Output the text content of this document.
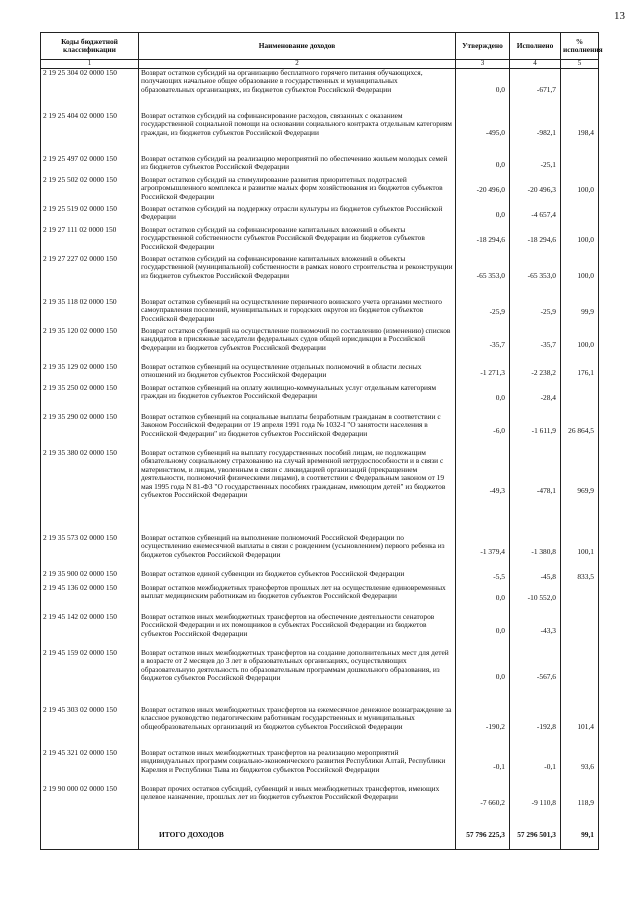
13
Коды бюджетной классификации	Наименование доходов	Утверждено	Исполнено	% исполнения
1	2	3	4	5
2 19 25 304 02 0000 150	Возврат остатков субсидий на организацию бесплатного горячего питания обучающихся, получающих начальное общее образование в государственных и муниципальных образовательных организациях, из бюджетов субъектов Российской Федерации	0,0	-671,7	
2 19 25 404 02 0000 150	Возврат остатков субсидий на софинансирование расходов, связанных с оказанием государственной социальной помощи на основании социального контракта отдельным категориям граждан, из бюджетов субъектов Российской Федерации	-495,0	-982,1	198,4
2 19 25 497 02 0000 150	Возврат остатков субсидий на реализацию мероприятий по обеспечению жильем молодых семей из бюджетов субъектов Российской Федерации	0,0	-25,1	
2 19 25 502 02 0000 150	Возврат остатков субсидий на стимулирование развития приоритетных подотраслей агропромышленного комплекса и развитие малых форм хозяйствования из бюджетов субъектов Российской Федерации	-20 496,0	-20 496,3	100,0
2 19 25 519 02 0000 150	Возврат остатков субсидий на поддержку отрасли культуры из бюджетов субъектов Российской Федерации	0,0	-4 657,4	
2 19 27 111 02 0000 150	Возврат остатков субсидий на софинансирование капитальных вложений в объекты государственной собственности субъектов Российской Федерации из бюджетов субъектов Российской Федерации	-18 294,6	-18 294,6	100,0
2 19 27 227 02 0000 150	Возврат остатков субсидий на софинансирование капитальных вложений в объекты государственной (муниципальной) собственности в рамках нового строительства и реконструкции из бюджетов субъектов Российской Федерации	-65 353,0	-65 353,0	100,0
2 19 35 118 02 0000 150	Возврат остатков субвенций на осуществление первичного воинского учета органами местного самоуправления поселений, муниципальных и городских округов из бюджетов субъектов Российской Федерации	-25,9	-25,9	99,9
2 19 35 120 02 0000 150	Возврат остатков субвенций на осуществление полномочий по составлению (изменению) списков кандидатов в присяжные заседатели федеральных судов общей юрисдикции в Российской Федерации из бюджетов субъектов Российской Федерации	-35,7	-35,7	100,0
2 19 35 129 02 0000 150	Возврат остатков субвенций на осуществление отдельных полномочий в области лесных отношений из бюджетов субъектов Российской Федерации	-1 271,3	-2 238,2	176,1
2 19 35 250 02 0000 150	Возврат остатков субвенций на оплату жилищно-коммунальных услуг отдельным категориям граждан из бюджетов субъектов Российской Федерации	0,0	-28,4	
2 19 35 290 02 0000 150	Возврат остатков субвенций на социальные выплаты безработным гражданам в соответствии с Законом Российской Федерации от 19 апреля 1991 года № 1032-I "О занятости населения в Российской Федерации" из бюджетов субъектов Российской Федерации	-6,0	-1 611,9	26 864,5
2 19 35 380 02 0000 150	Возврат остатков субвенций на выплату государственных пособий лицам, не подлежащим обязательному социальному страхованию на случай временной нетрудоспособности и в связи с материнством, и лицам, уволенным в связи с ликвидацией организаций (прекращением деятельности, полномочий физическими лицами), в соответствии с Федеральным законом от 19 мая 1995 года N 81-ФЗ "О государственных пособиях гражданам, имеющим детей" из бюджетов субъектов Российской Федерации	-49,3	-478,1	969,9
2 19 35 573 02 0000 150	Возврат остатков субвенций на выполнение полномочий Российской Федерации по осуществлению ежемесячной выплаты в связи с рождением (усыновлением) первого ребенка из бюджетов субъектов Российской Федерации	-1 379,4	-1 380,8	100,1
2 19 35 900 02 0000 150	Возврат остатков единой субвенции из бюджетов субъектов Российской Федерации	-5,5	-45,8	833,5
2 19 45 136 02 0000 150	Возврат остатков межбюджетных трансфертов прошлых лет на осуществление единовременных выплат медицинским работникам из бюджетов субъектов Российской Федерации	0,0	-10 552,0	
2 19 45 142 02 0000 150	Возврат остатков иных межбюджетных трансфертов на обеспечение деятельности сенаторов Российской Федерации и их помощников в субъектах Российской Федерации из бюджетов субъектов Российской Федерации	0,0	-43,3	
2 19 45 159 02 0000 150	Возврат остатков иных межбюджетных трансфертов на создание дополнительных мест для детей в возрасте от 2 месяцев до 3 лет в образовательных организациях, осуществляющих образовательную деятельность по образовательным программам дошкольного образования, из бюджетов субъектов Российской Федерации	0,0	-567,6	
2 19 45 303 02 0000 150	Возврат остатков иных межбюджетных трансфертов на ежемесячное денежное вознаграждение за классное руководство педагогическим работникам государственных и муниципальных общеобразовательных организаций из бюджетов субъектов Российской Федерации	-190,2	-192,8	101,4
2 19 45 321 02 0000 150	Возврат остатков иных межбюджетных трансфертов на реализацию мероприятий индивидуальных программ социально-экономического развития Республики Алтай, Республики Карелия и Республики Тыва из бюджетов субъектов Российской Федерации	-0,1	-0,1	93,6
2 19 90 000 02 0000 150	Возврат прочих остатков субсидий, субвенций и иных межбюджетных трансфертов, имеющих целевое назначение, прошлых лет из бюджетов субъектов Российской Федерации	-7 660,2	-9 110,8	118,9
	ИТОГО ДОХОДОВ	57 796 225,3	57 296 501,3	99,1
